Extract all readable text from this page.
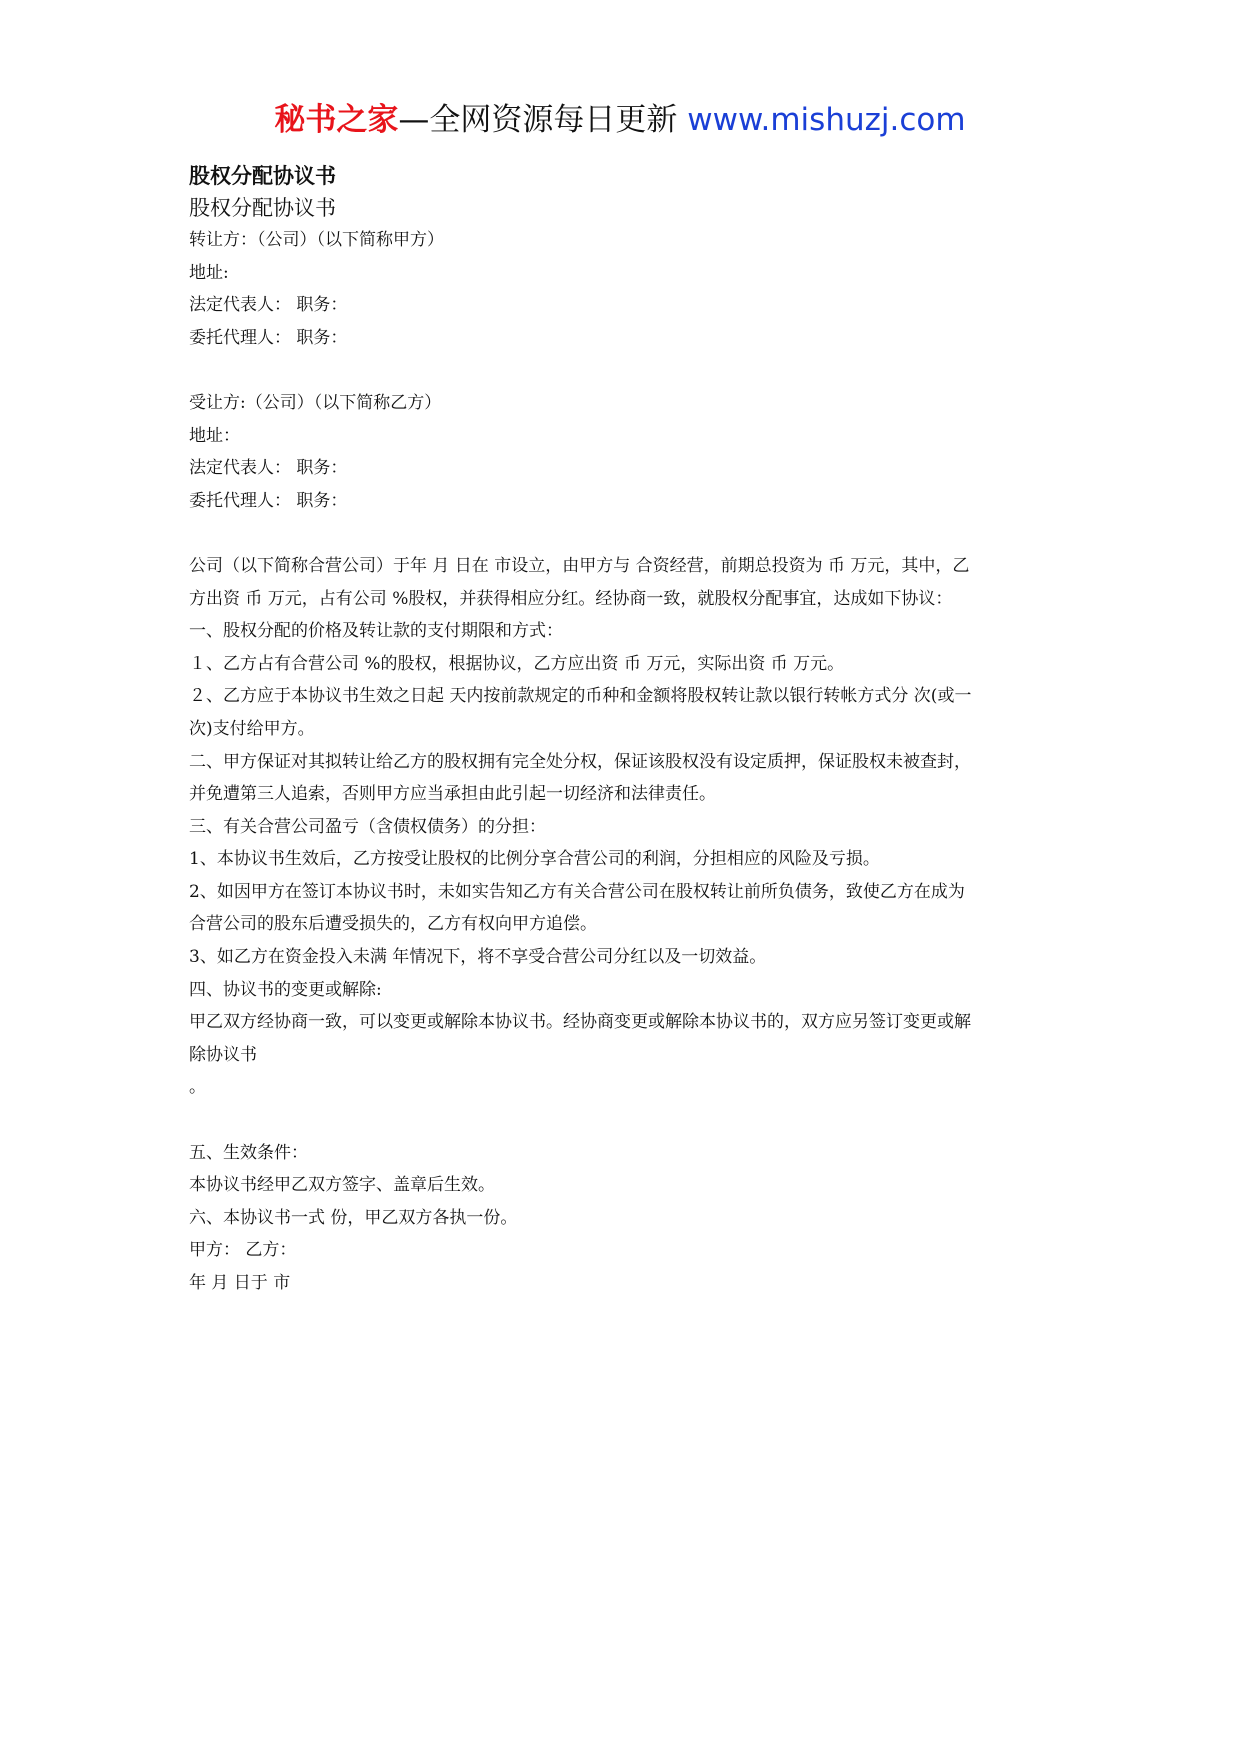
秘书之家—全网资源每日更新 www.mishuzj.com

股权分配协议书

股权分配协议书

转让方：（公司）（以下简称甲方）

地址:

法定代表人： 职务：

委托代理人： 职务：

受让方:（公司）（以下简称乙方）

地址：

法定代表人： 职务：

委托代理人： 职务：

公司（以下简称合营公司）于年 月 日在 市设立，由甲方与 合资经营，前期总投资为 币 万元，其中，乙

方出资 币 万元，占有公司 %股权，并获得相应分红。经协商一致，就股权分配事宜，达成如下协议：

一、股权分配的价格及转让款的支付期限和方式：

１、乙方占有合营公司 %的股权，根据协议，乙方应出资 币 万元，实际出资 币 万元。

２、乙方应于本协议书生效之日起 天内按前款规定的币种和金额将股权转让款以银行转帐方式分 次(或一

次)支付给甲方。

二、甲方保证对其拟转让给乙方的股权拥有完全处分权，保证该股权没有设定质押，保证股权未被查封，

并免遭第三人追索，否则甲方应当承担由此引起一切经济和法律责任。

三、有关合营公司盈亏（含债权债务）的分担：

1、本协议书生效后，乙方按受让股权的比例分享合营公司的利润，分担相应的风险及亏损。

2、如因甲方在签订本协议书时，未如实告知乙方有关合营公司在股权转让前所负债务，致使乙方在成为

合营公司的股东后遭受损失的，乙方有权向甲方追偿。

3、如乙方在资金投入未满 年情况下，将不享受合营公司分红以及一切效益。

四、协议书的变更或解除:

甲乙双方经协商一致，可以变更或解除本协议书。经协商变更或解除本协议书的，双方应另签订变更或解

除协议书

。

五、生效条件：

本协议书经甲乙双方签字、盖章后生效。

六、本协议书一式 份，甲乙双方各执一份。

甲方： 乙方：

年 月 日于 市
